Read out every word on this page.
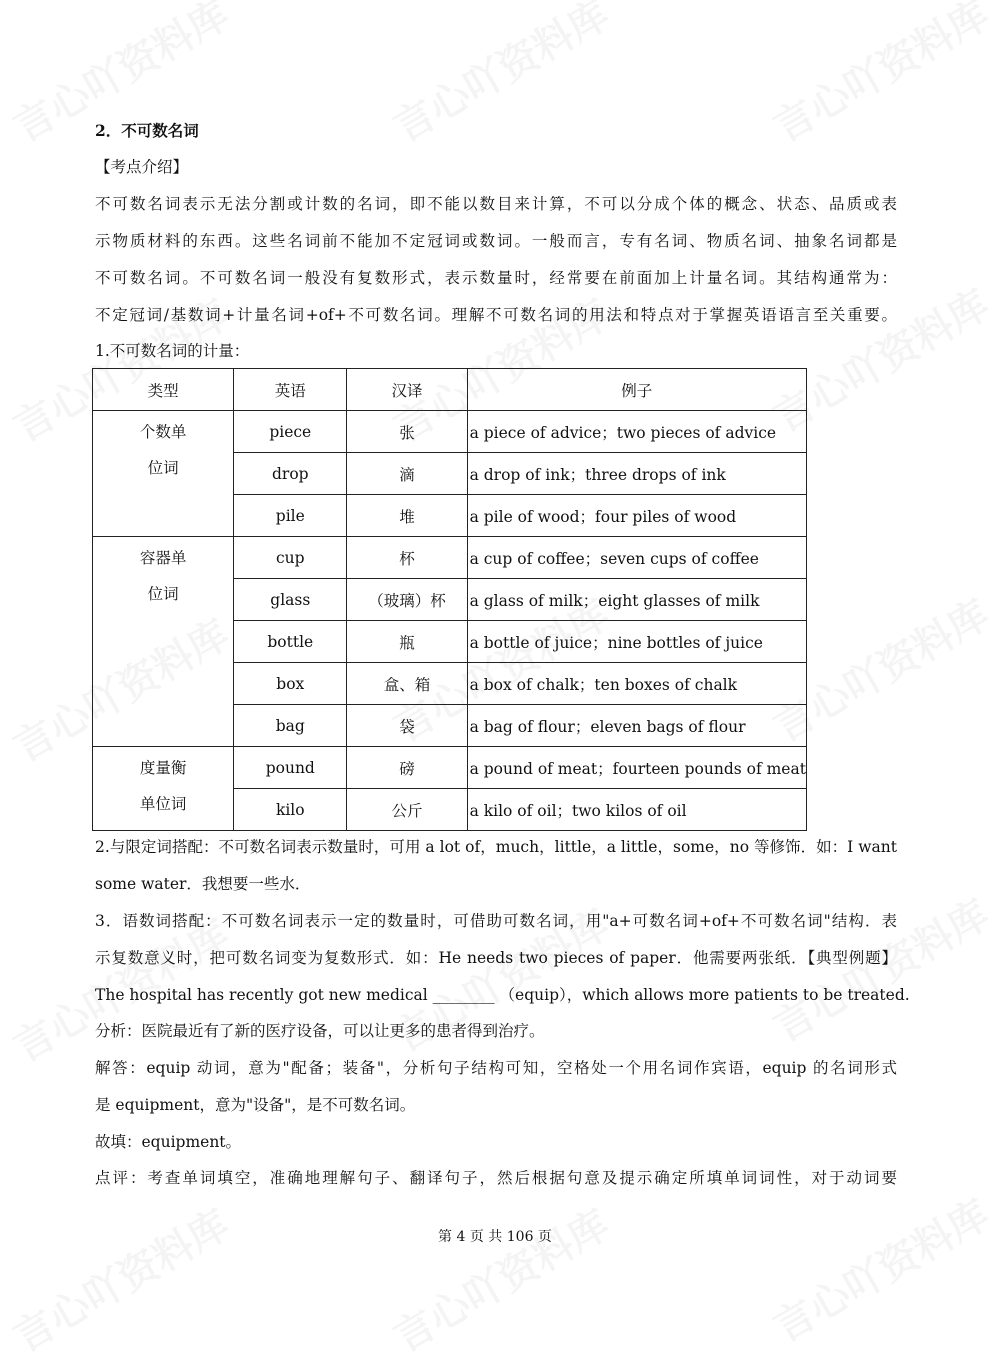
2．不可数名词
【考点介绍】
不可数名词表示无法分割或计数的名词，即不能以数目来计算，不可以分成个体的概念、状态、品质或表
示物质材料的东西。这些名词前不能加不定冠词或数词。一般而言，专有名词、物质名词、抽象名词都是
不可数名词。不可数名词一般没有复数形式，表示数量时，经常要在前面加上计量名词。其结构通常为：
不定冠词/基数词+计量名词+of+不可数名词。理解不可数名词的用法和特点对于掌握英语语言至关重要。
1.不可数名词的计量：
类型	英语	汉译	例子

个数单
位词	piece	张	a piece of advice；two pieces of advice
	drop	滴	a drop of ink；three drops of ink
	pile	堆	a pile of wood；four piles of wood

容器单
位词	cup	杯	a cup of coffee；seven cups of coffee
	glass	（玻璃）杯	a glass of milk；eight glasses of milk
	bottle	瓶	a bottle of juice；nine bottles of juice
	box	盒、箱	a box of chalk；ten boxes of chalk
	bag	袋	a bag of flour；eleven bags of flour

度量衡
单位词	pound	磅	a pound of meat；fourteen pounds of meat
	kilo	公斤	a kilo of oil；two kilos of oil
2.与限定词搭配：不可数名词表示数量时，可用 a lot of，much，little，a little，some，no 等修饰．如：I want
some water．我想要一些水．
3．语数词搭配：不可数名词表示一定的数量时，可借助可数名词，用"a+可数名词+of+不可数名词"结构．表
示复数意义时，把可数名词变为复数形式．如：He needs two pieces of paper．他需要两张纸．【典型例题】
The hospital has recently got new medical ________ （equip），which allows more patients to be treated.
分析：医院最近有了新的医疗设备，可以让更多的患者得到治疗。
解答：equip 动词，意为"配备；装备"，分析句子结构可知，空格处一个用名词作宾语，equip 的名词形式
是 equipment，意为"设备"，是不可数名词。
故填：equipment。
点评：考查单词填空，准确地理解句子、翻译句子，然后根据句意及提示确定所填单词词性，对于动词要
第 4 页 共 106 页
